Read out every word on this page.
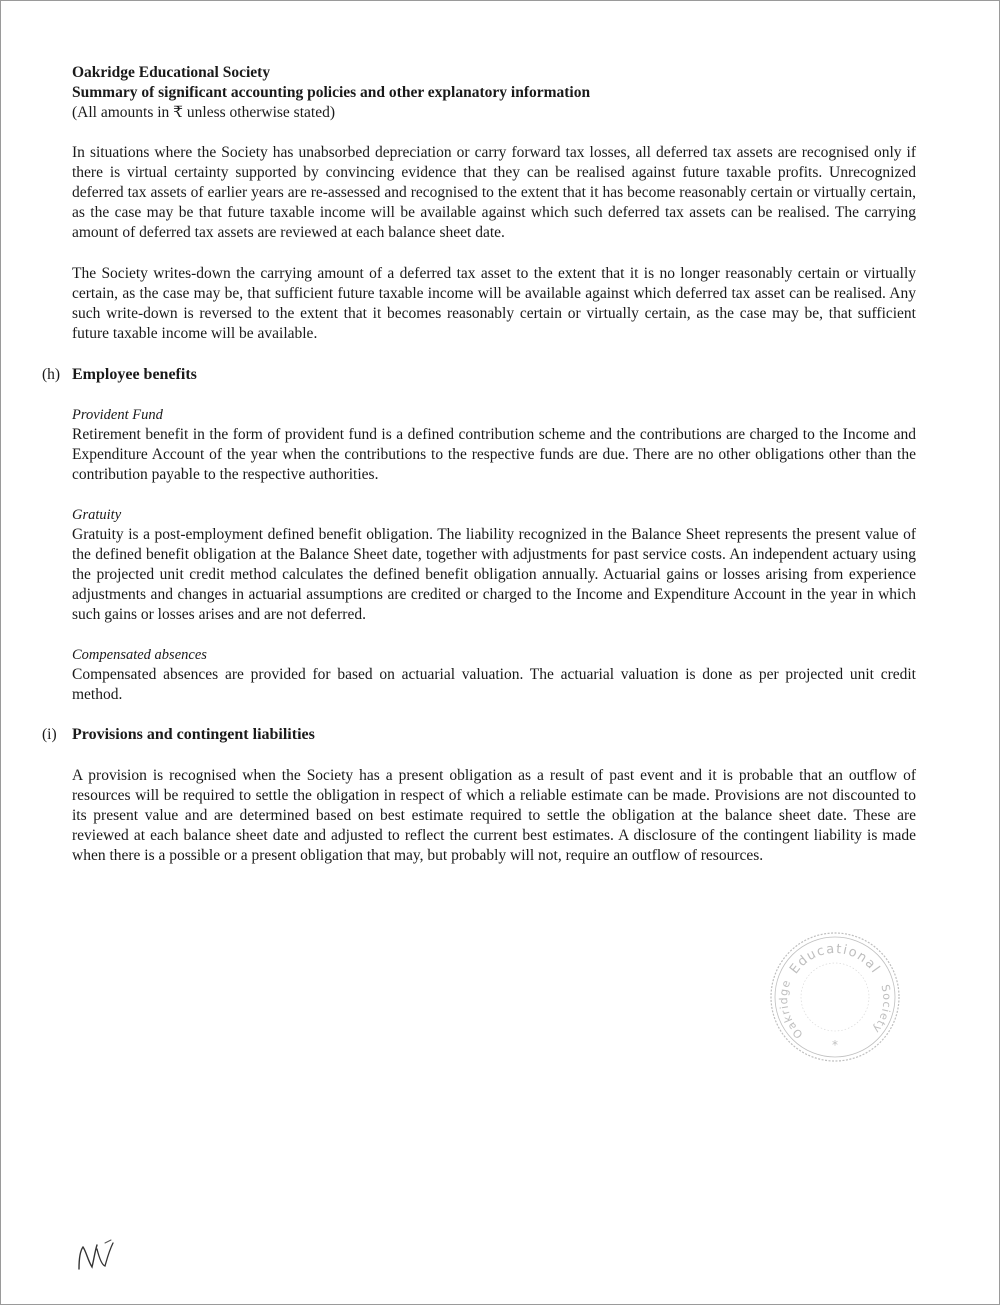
Oakridge Educational Society
Summary of significant accounting policies and other explanatory information
(All amounts in ₹ unless otherwise stated)

In situations where the Society has unabsorbed depreciation or carry forward tax losses, all deferred tax assets are recognised only if there is virtual certainty supported by convincing evidence that they can be realised against future taxable profits. Unrecognized deferred tax assets of earlier years are re-assessed and recognised to the extent that it has become reasonably certain or virtually certain, as the case may be that future taxable income will be available against which such deferred tax assets can be realised. The carrying amount of deferred tax assets are reviewed at each balance sheet date.

The Society writes-down the carrying amount of a deferred tax asset to the extent that it is no longer reasonably certain or virtually certain, as the case may be, that sufficient future taxable income will be available against which deferred tax asset can be realised. Any such write-down is reversed to the extent that it becomes reasonably certain or virtually certain, as the case may be, that sufficient future taxable income will be available.

(h) Employee benefits
Provident Fund

Retirement benefit in the form of provident fund is a defined contribution scheme and the contributions are charged to the Income and Expenditure Account of the year when the contributions to the respective funds are due. There are no other obligations other than the contribution payable to the respective authorities.

Gratuity

Gratuity is a post-employment defined benefit obligation. The liability recognized in the Balance Sheet represents the present value of the defined benefit obligation at the Balance Sheet date, together with adjustments for past service costs. An independent actuary using the projected unit credit method calculates the defined benefit obligation annually. Actuarial gains or losses arising from experience adjustments and changes in actuarial assumptions are credited or charged to the Income and Expenditure Account in the year in which such gains or losses arises and are not deferred.

Compensated absences

Compensated absences are provided for based on actuarial valuation. The actuarial valuation is done as per projected unit credit method.

(i) Provisions and contingent liabilities

A provision is recognised when the Society has a present obligation as a result of past event and it is probable that an outflow of resources will be required to settle the obligation in respect of which a reliable estimate can be made. Provisions are not discounted to its present value and are determined based on best estimate required to settle the obligation at the balance sheet date. These are reviewed at each balance sheet date and adjusted to reflect the current best estimates. A disclosure of the contingent liability is made when there is a possible or a present obligation that may, but probably will not, require an outflow of resources.

Educational
Oakridge	Society
*
